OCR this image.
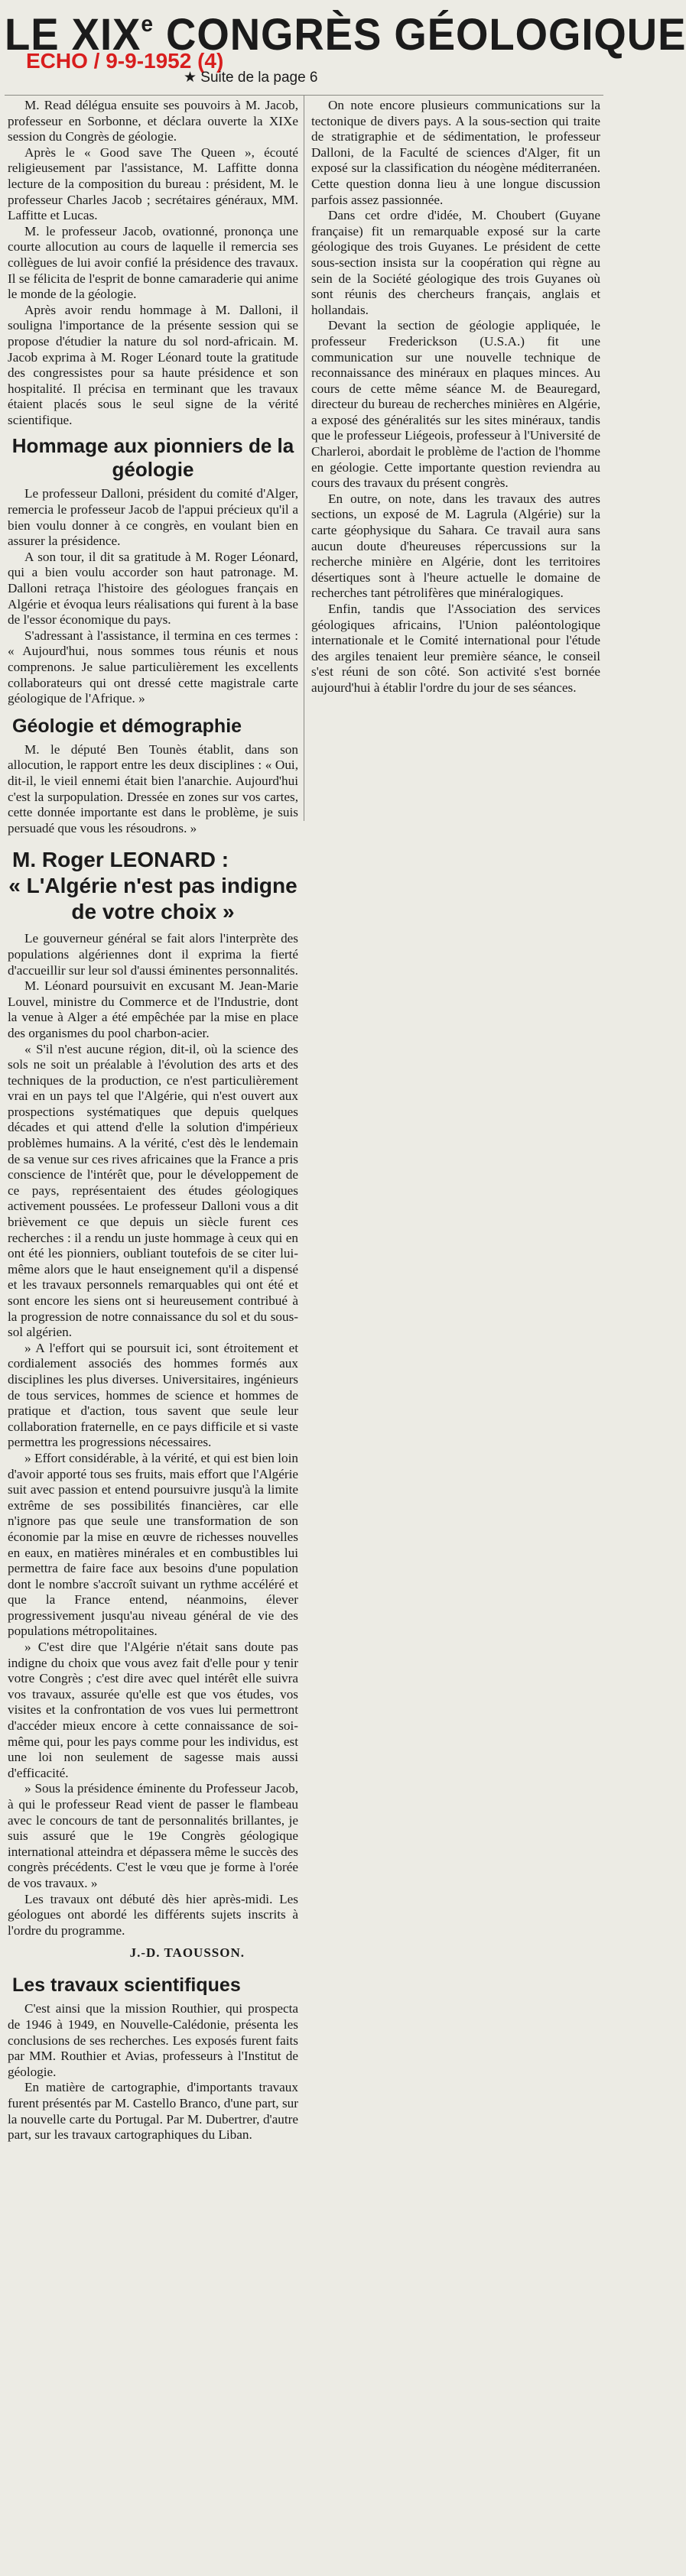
LE XIXe CONGRÈS GÉOLOGIQUE
ECHO / 9-9-1952 (4)
★ Suite de la page 6

M. Read délégua ensuite ses pouvoirs à M. Jacob, professeur en Sorbonne, et déclara ouverte la XIXe session du Congrès de géologie.

Après le « Good save The Queen », écouté religieusement par l'assistance, M. Laffitte donna lecture de la composition du bureau : président, M. le professeur Charles Jacob ; secrétaires généraux, MM. Laffitte et Lucas.

M. le professeur Jacob, ovationné, prononça une courte allocution au cours de laquelle il remercia ses collègues de lui avoir confié la présidence des travaux. Il se félicita de l'esprit de bonne camaraderie qui anime le monde de la géologie.

Après avoir rendu hommage à M. Dalloni, il souligna l'importance de la présente session qui se propose d'étudier la nature du sol nord-africain. M. Jacob exprima à M. Roger Léonard toute la gratitude des congressistes pour sa haute présidence et son hospitalité. Il précisa en terminant que les travaux étaient placés sous le seul signe de la vérité scientifique.

Hommage aux pionniers de la géologie

Le professeur Dalloni, président du comité d'Alger, remercia le professeur Jacob de l'appui précieux qu'il a bien voulu donner à ce congrès, en voulant bien en assurer la présidence.

A son tour, il dit sa gratitude à M. Roger Léonard, qui a bien voulu accorder son haut patronage. M. Dalloni retraça l'histoire des géologues français en Algérie et évoqua leurs réalisations qui furent à la base de l'essor économique du pays.

S'adressant à l'assistance, il termina en ces termes : « Aujourd'hui, nous sommes tous réunis et nous comprenons. Je salue particulièrement les excellents collaborateurs qui ont dressé cette magistrale carte géologique de l'Afrique. »

Géologie et démographie

M. le député Ben Tounès établit, dans son allocution, le rapport entre les deux disciplines : « Oui, dit-il, le vieil ennemi était bien l'anarchie. Aujourd'hui c'est la surpopulation. Dressée en zones sur vos cartes, cette donnée importante est dans le problème, je suis persuadé que vous les résoudrons. »

M. Roger LEONARD :
« L'Algérie n'est pas indigne de votre choix »

Le gouverneur général se fait alors l'interprète des populations algériennes dont il exprima la fierté d'accueillir sur leur sol d'aussi éminentes personnalités.

M. Léonard poursuivit en excusant M. Jean-Marie Louvel, ministre du Commerce et de l'Industrie, dont la venue à Alger a été empêchée par la mise en place des organismes du pool charbon-acier.

« S'il n'est aucune région, dit-il, où la science des sols ne soit un préalable à l'évolution des arts et des techniques de la production, ce n'est particulièrement vrai en un pays tel que l'Algérie, qui n'est ouvert aux prospections systématiques que depuis quelques décades et qui attend d'elle la solution d'impérieux problèmes humains. A la vérité, c'est dès le lendemain de sa venue sur ces rives africaines que la France a pris conscience de l'intérêt que, pour le développement de ce pays, représentaient des études géologiques activement poussées. Le professeur Dalloni vous a dit brièvement ce que depuis un siècle furent ces recherches : il a rendu un juste hommage à ceux qui en ont été les pionniers, oubliant toutefois de se citer lui-même alors que le haut enseignement qu'il a dispensé et les travaux personnels remarquables qui ont été et sont encore les siens ont si heureusement contribué à la progression de notre connaissance du sol et du sous-sol algérien.

» A l'effort qui se poursuit ici, sont étroitement et cordialement associés des hommes formés aux disciplines les plus diverses. Universitaires, ingénieurs de tous services, hommes de science et hommes de pratique et d'action, tous savent que seule leur collaboration fraternelle, en ce pays difficile et si vaste permettra les progressions nécessaires.

» Effort considérable, à la vérité, et qui est bien loin d'avoir apporté tous ses fruits, mais effort que l'Algérie suit avec passion et entend poursuivre jusqu'à la limite extrême de ses possibilités financières, car elle n'ignore pas que seule une transformation de son économie par la mise en œuvre de richesses nouvelles en eaux, en matières minérales et en combustibles lui permettra de faire face aux besoins d'une population dont le nombre s'accroît suivant un rythme accéléré et que la France entend, néanmoins, élever progressivement jusqu'au niveau général de vie des populations métropolitaines.

» C'est dire que l'Algérie n'était sans doute pas indigne du choix que vous avez fait d'elle pour y tenir votre Congrès ; c'est dire avec quel intérêt elle suivra vos travaux, assurée qu'elle est que vos études, vos visites et la confrontation de vos vues lui permettront d'accéder mieux encore à cette connaissance de soi-même qui, pour les pays comme pour les individus, est une loi non seulement de sagesse mais aussi d'efficacité.

» Sous la présidence éminente du Professeur Jacob, à qui le professeur Read vient de passer le flambeau avec le concours de tant de personnalités brillantes, je suis assuré que le 19e Congrès géologique international atteindra et dépassera même le succès des congrès précédents. C'est le vœu que je forme à l'orée de vos travaux. »

Les travaux ont débuté dès hier après-midi. Les géologues ont abordé les différents sujets inscrits à l'ordre du programme.

J.-D. TAOUSSON.
Les travaux scientifiques

C'est ainsi que la mission Routhier, qui prospecta de 1946 à 1949, en Nouvelle-Calédonie, présenta les conclusions de ses recherches. Les exposés furent faits par MM. Routhier et Avias, professeurs à l'Institut de géologie.

En matière de cartographie, d'importants travaux furent présentés par M. Castello Branco, d'une part, sur la nouvelle carte du Portugal. Par M. Dubertrer, d'autre part, sur les travaux cartographiques du Liban.

On note encore plusieurs communications sur la tectonique de divers pays. A la sous-section qui traite de stratigraphie et de sédimentation, le professeur Dalloni, de la Faculté de sciences d'Alger, fit un exposé sur la classification du néogène méditerranéen. Cette question donna lieu à une longue discussion parfois assez passionnée.

Dans cet ordre d'idée, M. Choubert (Guyane française) fit un remarquable exposé sur la carte géologique des trois Guyanes. Le président de cette sous-section insista sur la coopération qui règne au sein de la Société géologique des trois Guyanes où sont réunis des chercheurs français, anglais et hollandais.

Devant la section de géologie appliquée, le professeur Frederickson (U.S.A.) fit une communication sur une nouvelle technique de reconnaissance des minéraux en plaques minces. Au cours de cette même séance M. de Beauregard, directeur du bureau de recherches minières en Algérie, a exposé des généralités sur les sites minéraux, tandis que le professeur Liégeois, professeur à l'Université de Charleroi, abordait le problème de l'action de l'homme en géologie. Cette importante question reviendra au cours des travaux du présent congrès.

En outre, on note, dans les travaux des autres sections, un exposé de M. Lagrula (Algérie) sur la carte géophysique du Sahara. Ce travail aura sans aucun doute d'heureuses répercussions sur la recherche minière en Algérie, dont les territoires désertiques sont à l'heure actuelle le domaine de recherches tant pétrolifères que minéralogiques.

Enfin, tandis que l'Association des services géologiques africains, l'Union paléontologique internationale et le Comité international pour l'étude des argiles tenaient leur première séance, le conseil s'est réuni de son côté. Son activité s'est bornée aujourd'hui à établir l'ordre du jour de ses séances.
